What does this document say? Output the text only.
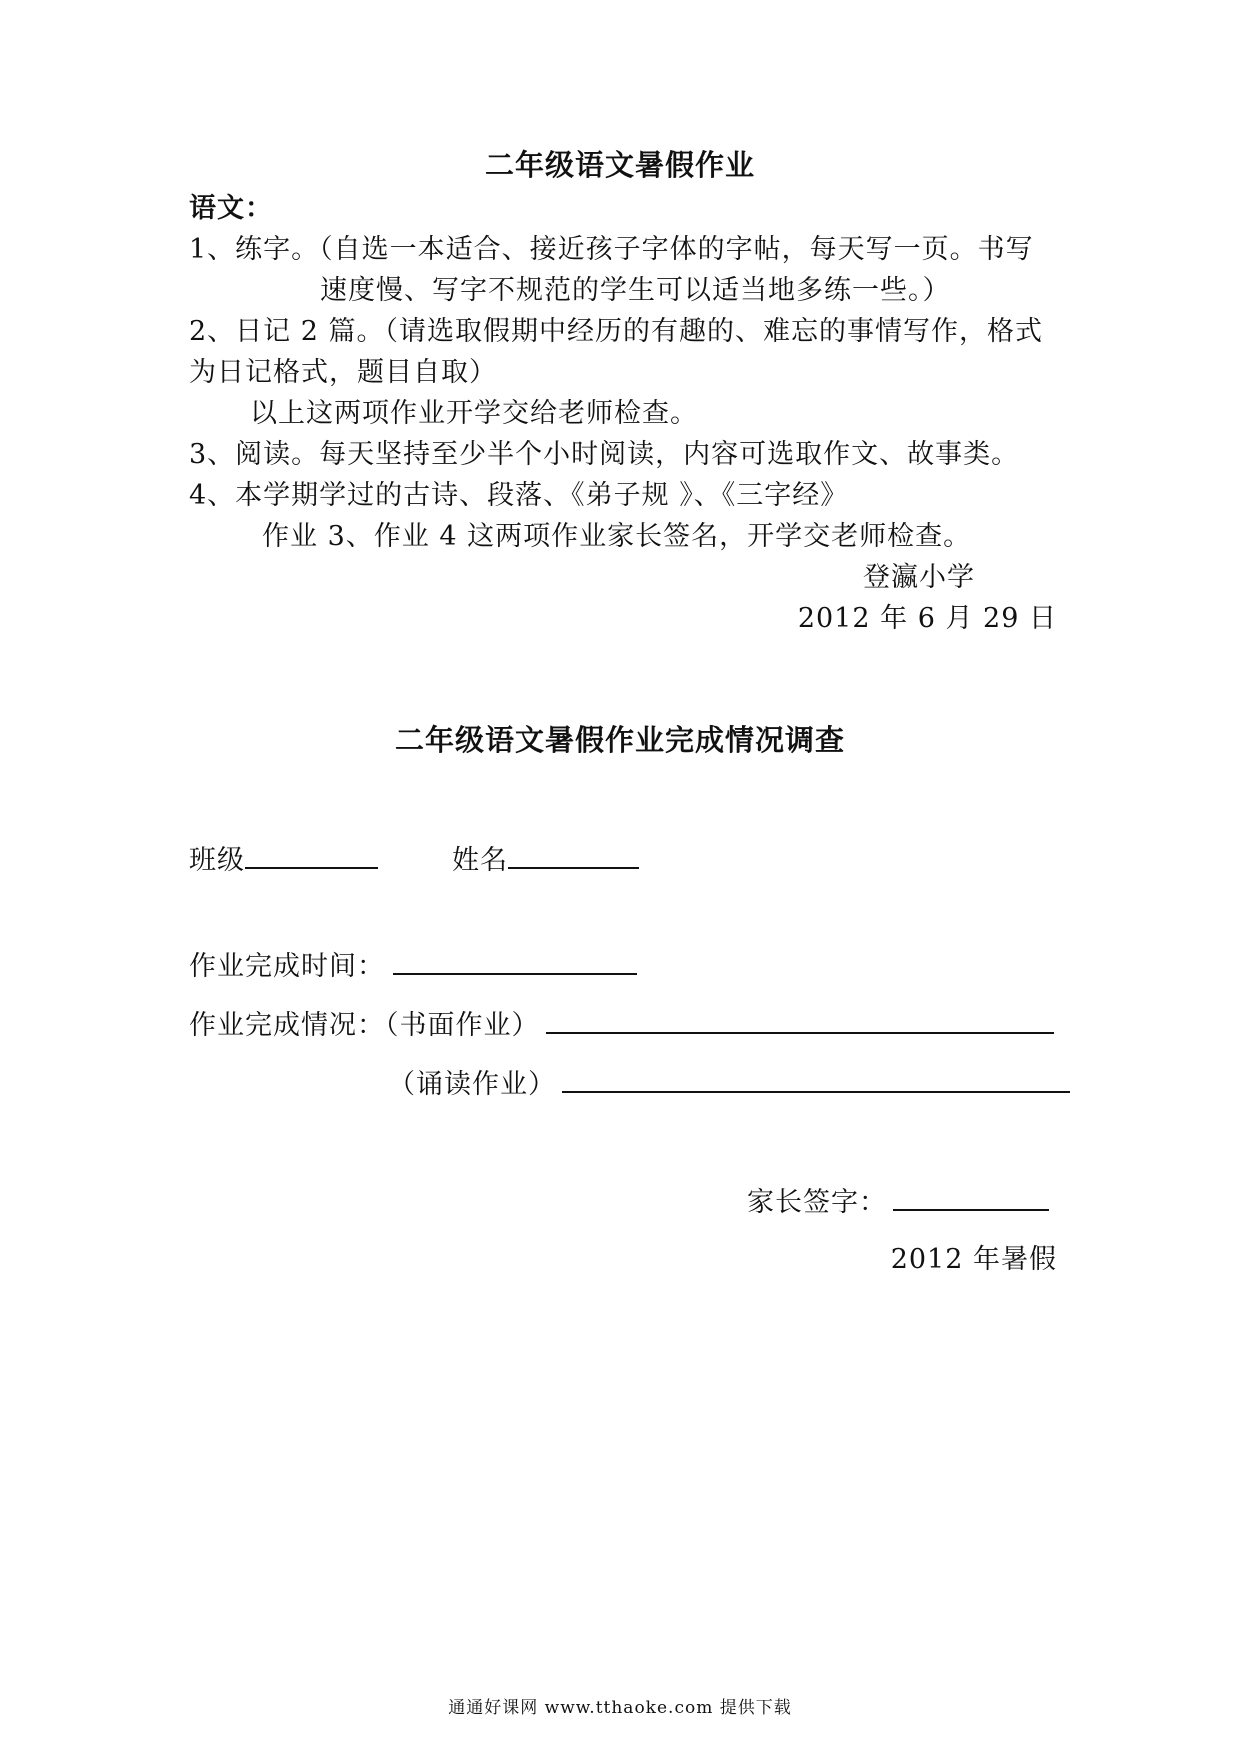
二年级语文暑假作业
语文：
1、练字。（自选一本适合、接近孩子字体的字帖，每天写一页。书写
速度慢、写字不规范的学生可以适当地多练一些。）
2、日记 2 篇。（请选取假期中经历的有趣的、难忘的事情写作，格式
为日记格式，题目自取）
以上这两项作业开学交给老师检查。
3、阅读。每天坚持至少半个小时阅读，内容可选取作文、故事类。
4、本学期学过的古诗、段落、《弟子规 》、《三字经》
作业 3、作业 4 这两项作业家长签名，开学交老师检查。
登瀛小学
2012 年 6 月 29 日
二年级语文暑假作业完成情况调查
班级	姓名
作业完成时间：
作业完成情况：（书面作业）
（诵读作业）
家长签字：
2012 年暑假
通通好课网 www.tthaoke.com 提供下载
